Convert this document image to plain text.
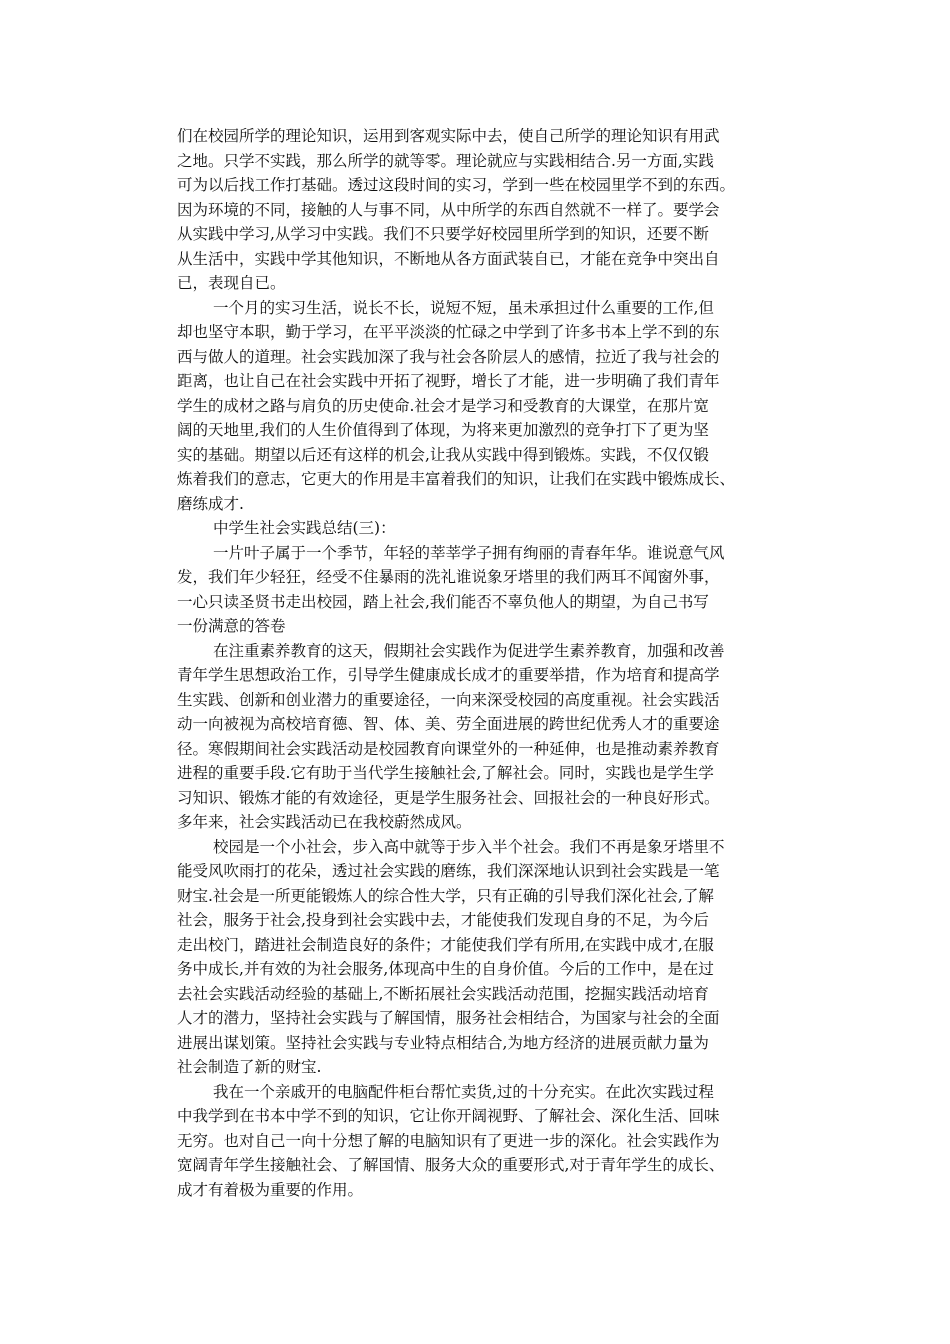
们在校园所学的理论知识，运用到客观实际中去，使自己所学的理论知识有用武
之地。只学不实践，那么所学的就等零。理论就应与实践相结合.另一方面,实践
可为以后找工作打基础。透过这段时间的实习，学到一些在校园里学不到的东西。
因为环境的不同，接触的人与事不同，从中所学的东西自然就不一样了。要学会
从实践中学习,从学习中实践。我们不只要学好校园里所学到的知识，还要不断
从生活中，实践中学其他知识，不断地从各方面武装自已，才能在竞争中突出自
已，表现自已。
一个月的实习生活，说长不长，说短不短，虽未承担过什么重要的工作,但
却也坚守本职，勤于学习，在平平淡淡的忙碌之中学到了许多书本上学不到的东
西与做人的道理。社会实践加深了我与社会各阶层人的感情，拉近了我与社会的
距离，也让自己在社会实践中开拓了视野，增长了才能，进一步明确了我们青年
学生的成材之路与肩负的历史使命.社会才是学习和受教育的大课堂，在那片宽
阔的天地里,我们的人生价值得到了体现，为将来更加激烈的竞争打下了更为坚
实的基础。期望以后还有这样的机会,让我从实践中得到锻炼。实践，不仅仅锻
炼着我们的意志，它更大的作用是丰富着我们的知识，让我们在实践中锻炼成长、
磨练成才.
中学生社会实践总结(三)：
一片叶子属于一个季节，年轻的莘莘学子拥有绚丽的青春年华。谁说意气风
发，我们年少轻狂，经受不住暴雨的洗礼谁说象牙塔里的我们两耳不闻窗外事，
一心只读圣贤书走出校园，踏上社会,我们能否不辜负他人的期望，为自己书写
一份满意的答卷
在注重素养教育的这天，假期社会实践作为促进学生素养教育，加强和改善
青年学生思想政治工作，引导学生健康成长成才的重要举措，作为培育和提高学
生实践、创新和创业潜力的重要途径，一向来深受校园的高度重视。社会实践活
动一向被视为高校培育德、智、体、美、劳全面进展的跨世纪优秀人才的重要途
径。寒假期间社会实践活动是校园教育向课堂外的一种延伸，也是推动素养教育
进程的重要手段.它有助于当代学生接触社会,了解社会。同时，实践也是学生学
习知识、锻炼才能的有效途径，更是学生服务社会、回报社会的一种良好形式。
多年来，社会实践活动已在我校蔚然成风。
校园是一个小社会，步入高中就等于步入半个社会。我们不再是象牙塔里不
能受风吹雨打的花朵，透过社会实践的磨练，我们深深地认识到社会实践是一笔
财宝.社会是一所更能锻炼人的综合性大学，只有正确的引导我们深化社会,了解
社会，服务于社会,投身到社会实践中去，才能使我们发现自身的不足，为今后
走出校门，踏进社会制造良好的条件；才能使我们学有所用,在实践中成才,在服
务中成长,并有效的为社会服务,体现高中生的自身价值。今后的工作中，是在过
去社会实践活动经验的基础上,不断拓展社会实践活动范围，挖掘实践活动培育
人才的潜力，坚持社会实践与了解国情，服务社会相结合，为国家与社会的全面
进展出谋划策。坚持社会实践与专业特点相结合,为地方经济的进展贡献力量为
社会制造了新的财宝.
我在一个亲戚开的电脑配件柜台帮忙卖货,过的十分充实。在此次实践过程
中我学到在书本中学不到的知识，它让你开阔视野、了解社会、深化生活、回味
无穷。也对自己一向十分想了解的电脑知识有了更进一步的深化。社会实践作为
宽阔青年学生接触社会、了解国情、服务大众的重要形式,对于青年学生的成长、
成才有着极为重要的作用。
